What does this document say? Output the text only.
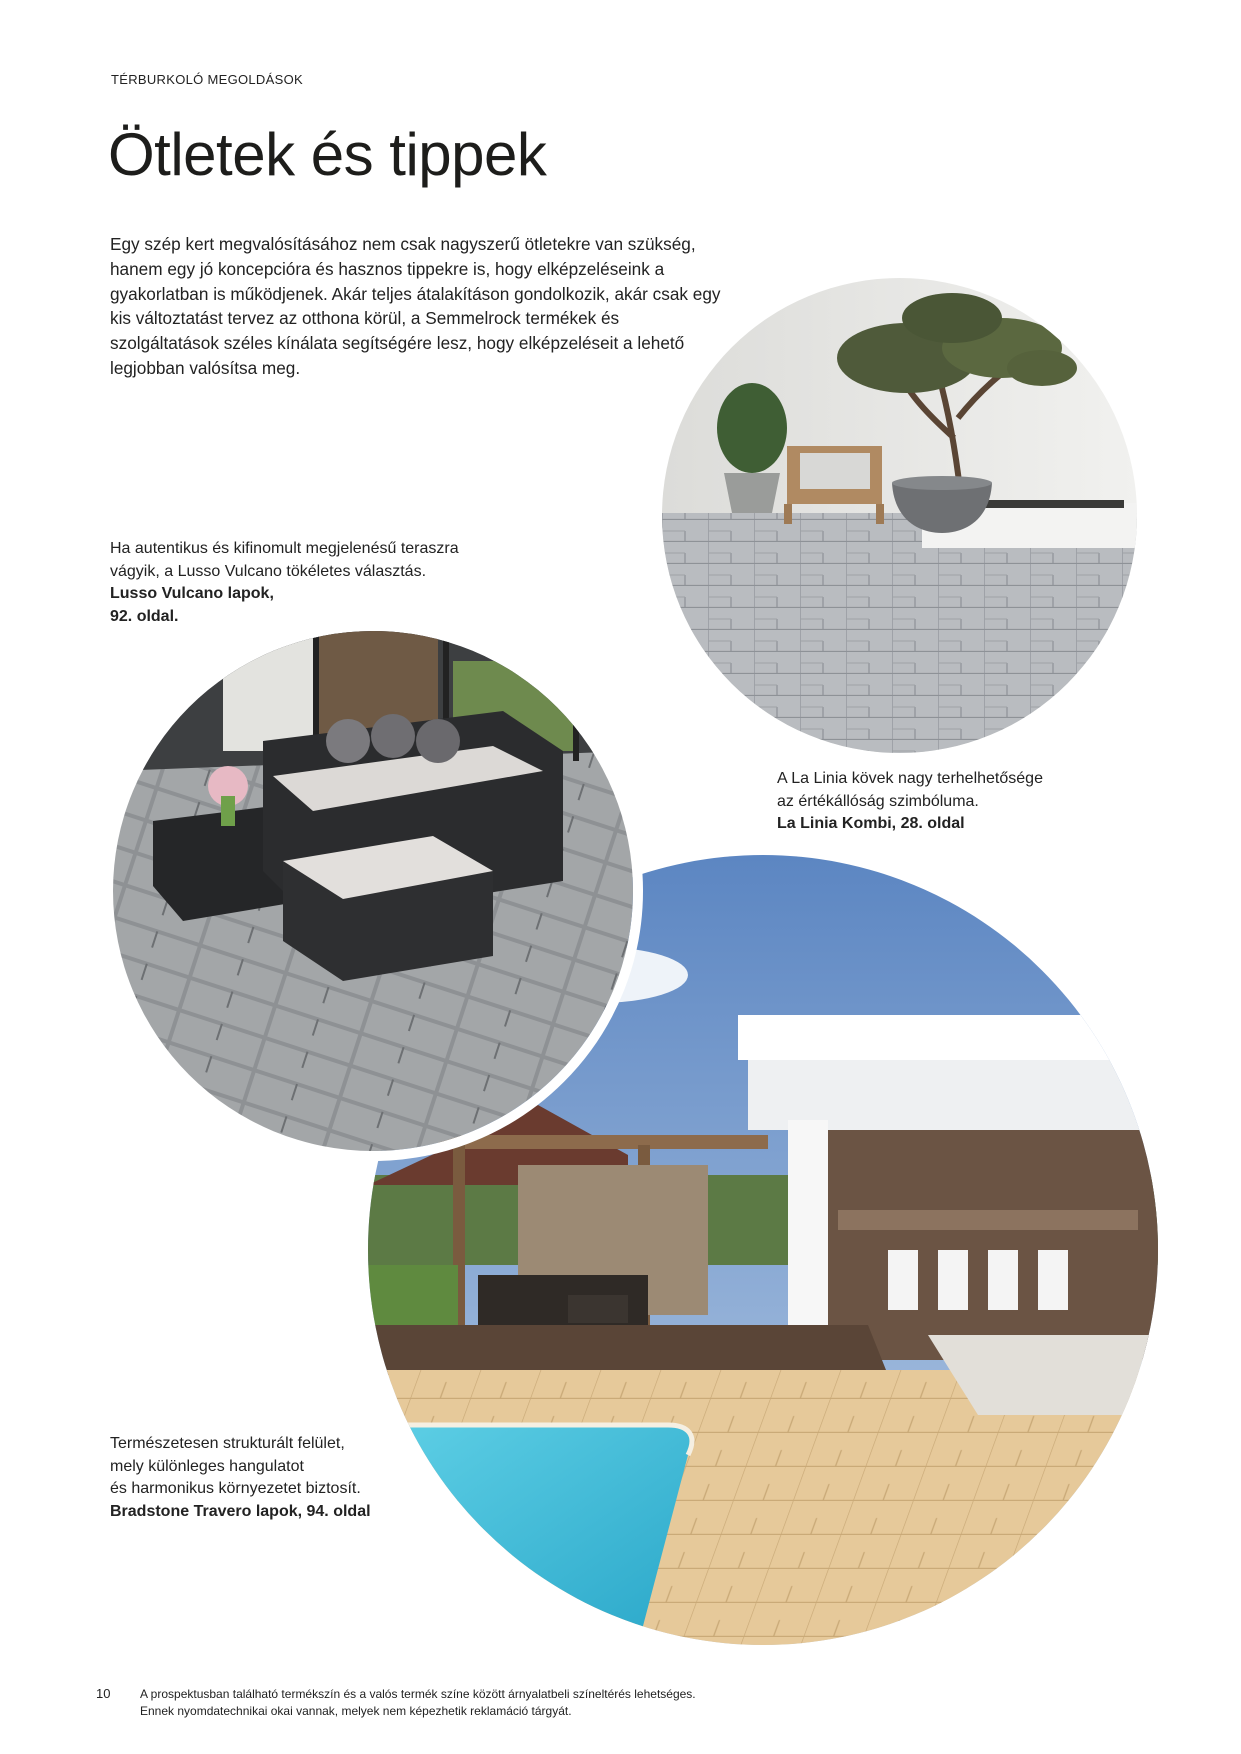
TÉRBURKOLÓ MEGOLDÁSOK
Ötletek és tippek

Egy szép kert megvalósításához nem csak nagyszerű ötletekre van szükség, hanem egy jó koncepcióra és hasznos tippekre is, hogy elképzeléseink a gyakorlatban is működjenek. Akár teljes átalakításon gondolkozik, akár csak egy kis változtatást tervez az otthona körül, a Semmelrock termékek és szolgáltatások széles kínálata segítségére lesz, hogy elképzeléseit a lehető legjobban valósítsa meg.

Ha autentikus és kifinomult megjelenésű teraszra
vágyik, a Lusso Vulcano tökéletes választás.
Lusso Vulcano lapok,
92. oldal.
A La Linia kövek nagy terhelhetősége
az értékállóság szimbóluma.
La Linia Kombi, 28. oldal
Természetesen strukturált felület,
mely különleges hangulatot
és harmonikus környezetet biztosít.
Bradstone Travero lapok, 94. oldal
10 A prospektusban található termékszín és a valós termék színe között árnyalatbeli színeltérés lehetséges.
Ennek nyomdatechnikai okai vannak, melyek nem képezhetik reklamáció tárgyát.
